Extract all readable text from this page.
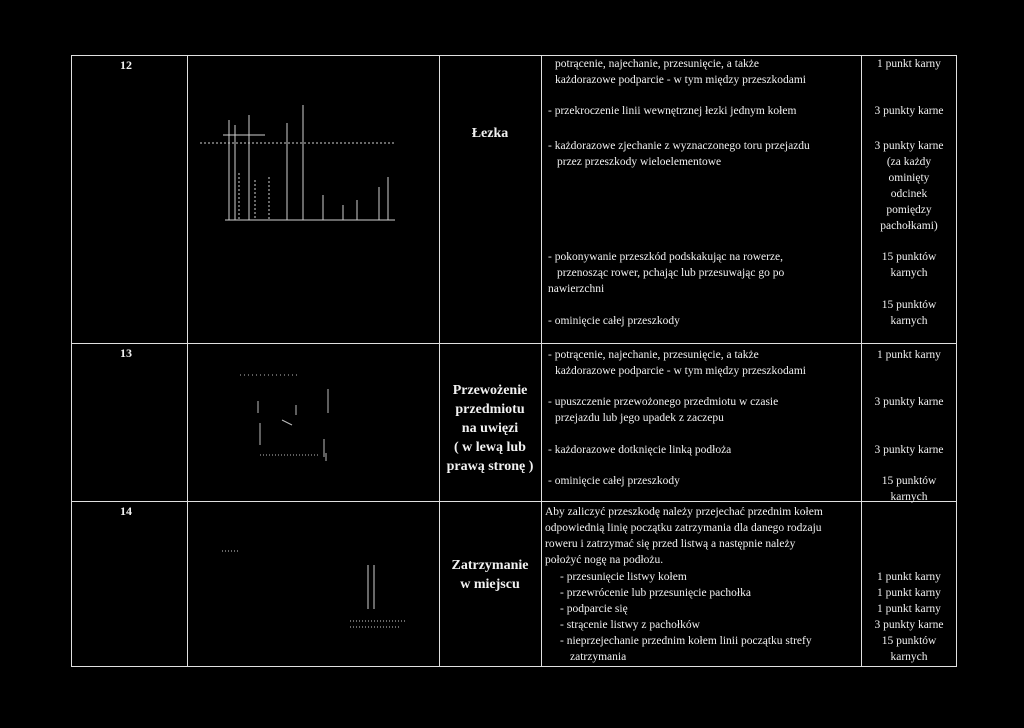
12
Łezka
potrącenie, najechanie, przesunięcie, a także
każdorazowe podparcie - w tym między przeszkodami
- przekroczenie linii wewnętrznej łezki jednym kołem
- każdorazowe zjechanie z wyznaczonego toru przejazdu
przez przeszkody wieloelementowe
- pokonywanie przeszkód podskakując na rowerze,
przenosząc rower, pchając lub przesuwając go po
nawierzchni
- ominięcie całej przeszkody
1 punkt karny
3 punkty karne
3 punkty karne
(za każdy
ominięty
odcinek
pomiędzy
pachołkami)
15 punktów
karnych
15 punktów
karnych
13
Przewożenie
przedmiotu
na uwięzi
( w lewą lub
prawą stronę )
- potrącenie, najechanie, przesunięcie, a także
każdorazowe podparcie - w tym między przeszkodami
- upuszczenie przewożonego przedmiotu w czasie
przejazdu lub jego upadek z zaczepu
- każdorazowe dotknięcie linką podłoża
- ominięcie całej przeszkody
1 punkt karny
3 punkty karne
3 punkty karne
15 punktów
karnych
14
Zatrzymanie
w miejscu
Aby zaliczyć przeszkodę należy przejechać przednim kołem
odpowiednią linię początku zatrzymania dla danego rodzaju
roweru i zatrzymać się przed listwą a następnie należy
położyć nogę na podłożu.
- przesunięcie listwy kołem
- przewrócenie lub przesunięcie pachołka
- podparcie się
- strącenie listwy z pachołków
- nieprzejechanie przednim kołem linii początku strefy
zatrzymania
1 punkt karny
1 punkt karny
1 punkt karny
3 punkty karne
15 punktów
karnych
